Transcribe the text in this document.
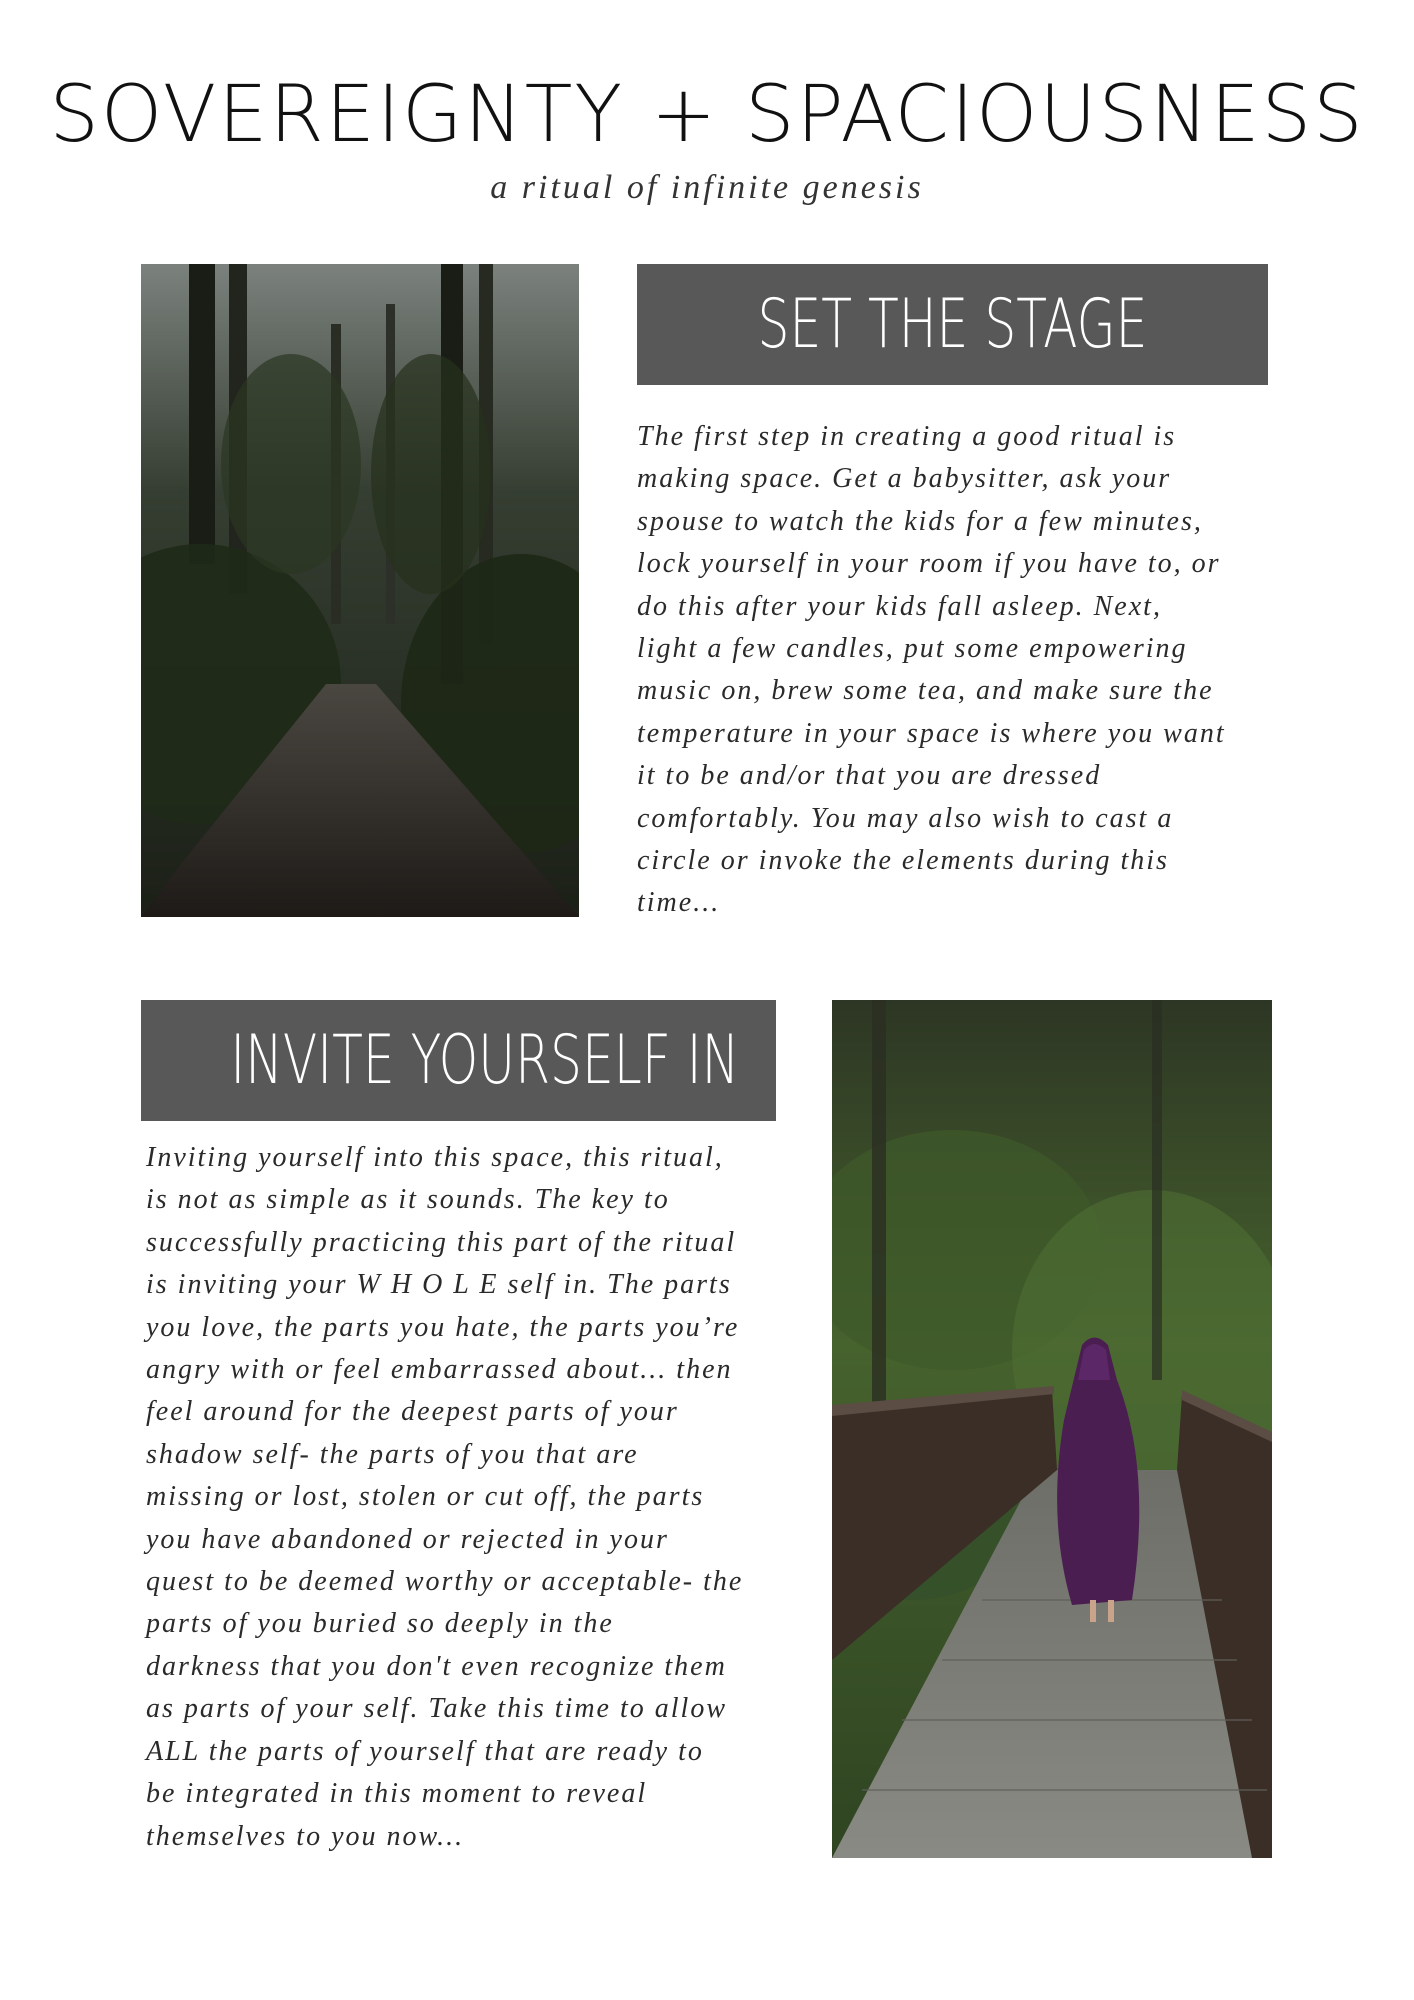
SOVEREIGNTY + SPACIOUSNESS
a ritual of infinite genesis
SET THE STAGE
The first step in creating a good ritual is
making space. Get a babysitter, ask your
spouse to watch the kids for a few minutes,
lock yourself in your room if you have to, or
do this after your kids fall asleep. Next,
light a few candles, put some empowering
music on, brew some tea, and make sure the
temperature in your space is where you want
it to be and/or that you are dressed
comfortably. You may also wish to cast a
circle or invoke the elements during this
time...
INVITE YOURSELF IN
Inviting yourself into this space, this ritual,
is not as simple as it sounds. The key to
successfully practicing this part of the ritual
is inviting your W H O L E self in. The parts
you love, the parts you hate, the parts you’re
angry with or feel embarrassed about... then
feel around for the deepest parts of your
shadow self- the parts of you that are
missing or lost, stolen or cut off, the parts
you have abandoned or rejected in your
quest to be deemed worthy or acceptable- the
parts of you buried so deeply in the
darkness that you don't even recognize them
as parts of your self. Take this time to allow
ALL the parts of yourself that are ready to
be integrated in this moment to reveal
themselves to you now...
